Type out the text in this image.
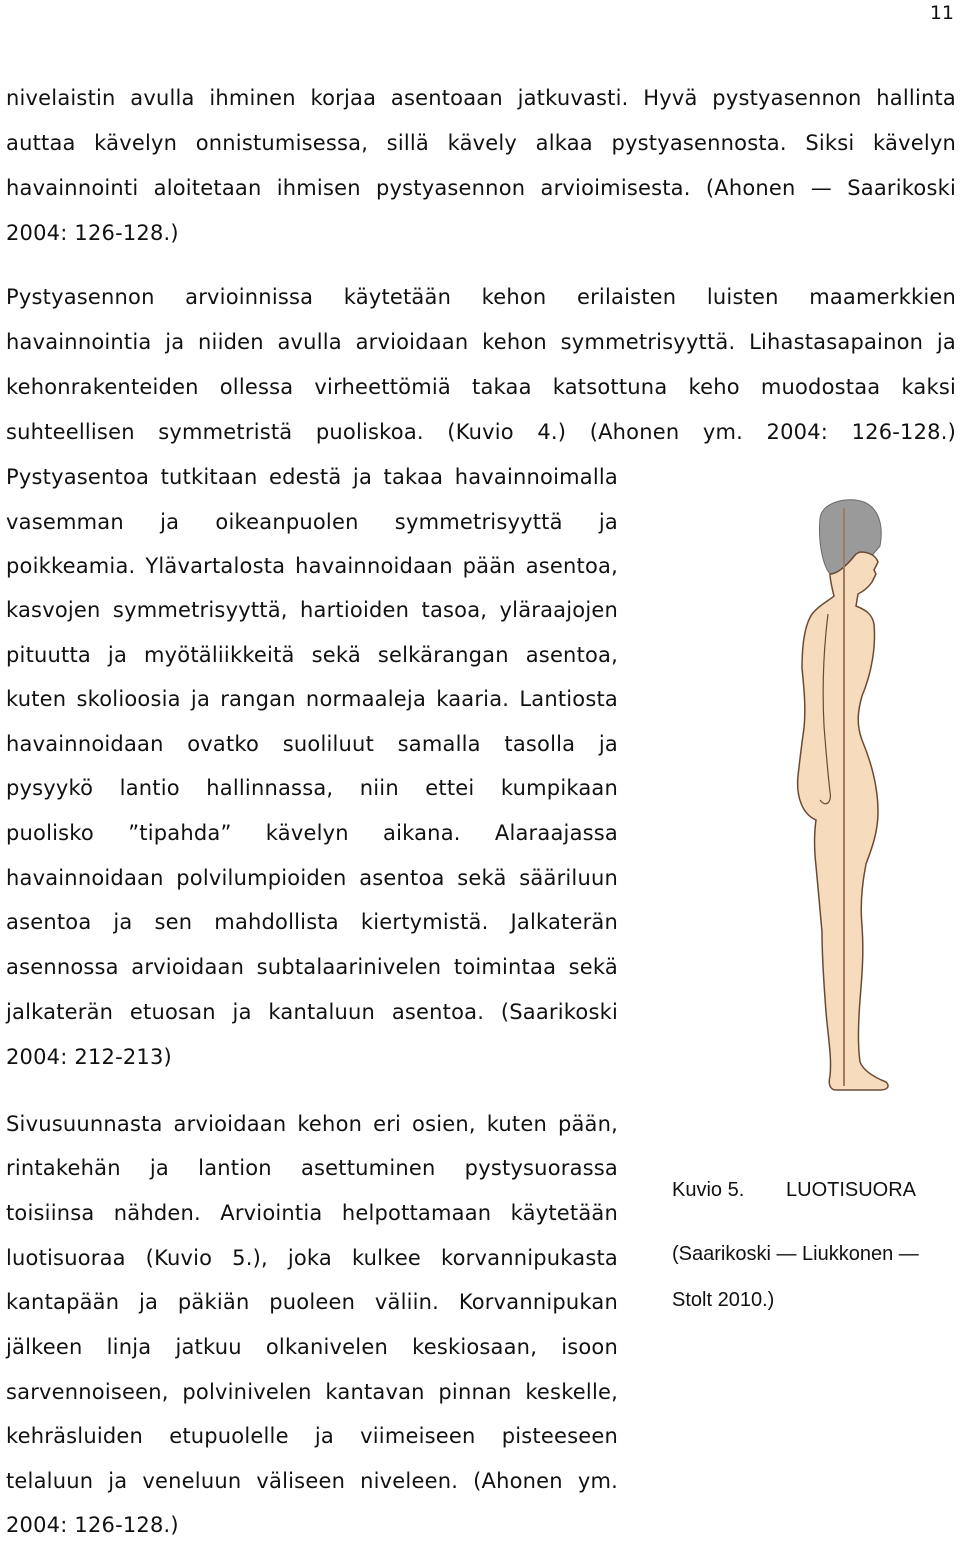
11
nivelaistin avulla ihminen korjaa asentoaan jatkuvasti. Hyvä pystyasennon hallinta
auttaa kävelyn onnistumisessa, sillä kävely alkaa pystyasennosta. Siksi kävelyn
havainnointi aloitetaan ihmisen pystyasennon arvioimisesta. (Ahonen — Saarikoski
2004: 126-128.)
Pystyasennon arvioinnissa käytetään kehon erilaisten luisten maamerkkien
havainnointia ja niiden avulla arvioidaan kehon symmetrisyyttä. Lihastasapainon ja
kehonrakenteiden ollessa virheettömiä takaa katsottuna keho muodostaa kaksi
suhteellisen symmetristä puoliskoa. (Kuvio 4.) (Ahonen ym. 2004: 126-128.)
Pystyasentoa tutkitaan edestä ja takaa havainnoimalla
vasemman ja oikeanpuolen symmetrisyyttä ja
poikkeamia. Ylävartalosta havainnoidaan pään asentoa,
kasvojen symmetrisyyttä, hartioiden tasoa, yläraajojen
pituutta ja myötäliikkeitä sekä selkärangan asentoa,
kuten skolioosia ja rangan normaaleja kaaria. Lantiosta
havainnoidaan ovatko suoliluut samalla tasolla ja
pysyykö lantio hallinnassa, niin ettei kumpikaan
puolisko ”tipahda” kävelyn aikana. Alaraajassa
havainnoidaan polvilumpioiden asentoa sekä sääriluun
asentoa ja sen mahdollista kiertymistä. Jalkaterän
asennossa arvioidaan subtalaarinivelen toimintaa sekä
jalkaterän etuosan ja kantaluun asentoa. (Saarikoski
2004: 212-213)
Sivusuunnasta arvioidaan kehon eri osien, kuten pään,
rintakehän ja lantion asettuminen pystysuorassa
toisiinsa nähden. Arviointia helpottamaan käytetään
luotisuoraa (Kuvio 5.), joka kulkee korvannipukasta
kantapään ja päkiän puoleen väliin. Korvannipukan
jälkeen linja jatkuu olkanivelen keskiosaan, isoon
sarvennoiseen, polvinivelen kantavan pinnan keskelle,
kehräsluiden etupuolelle ja viimeiseen pisteeseen
telaluun ja veneluun väliseen niveleen. (Ahonen ym.
2004: 126-128.)
Kuvio 5. LUOTISUORA
(Saarikoski — Liukkonen —
Stolt 2010.)
